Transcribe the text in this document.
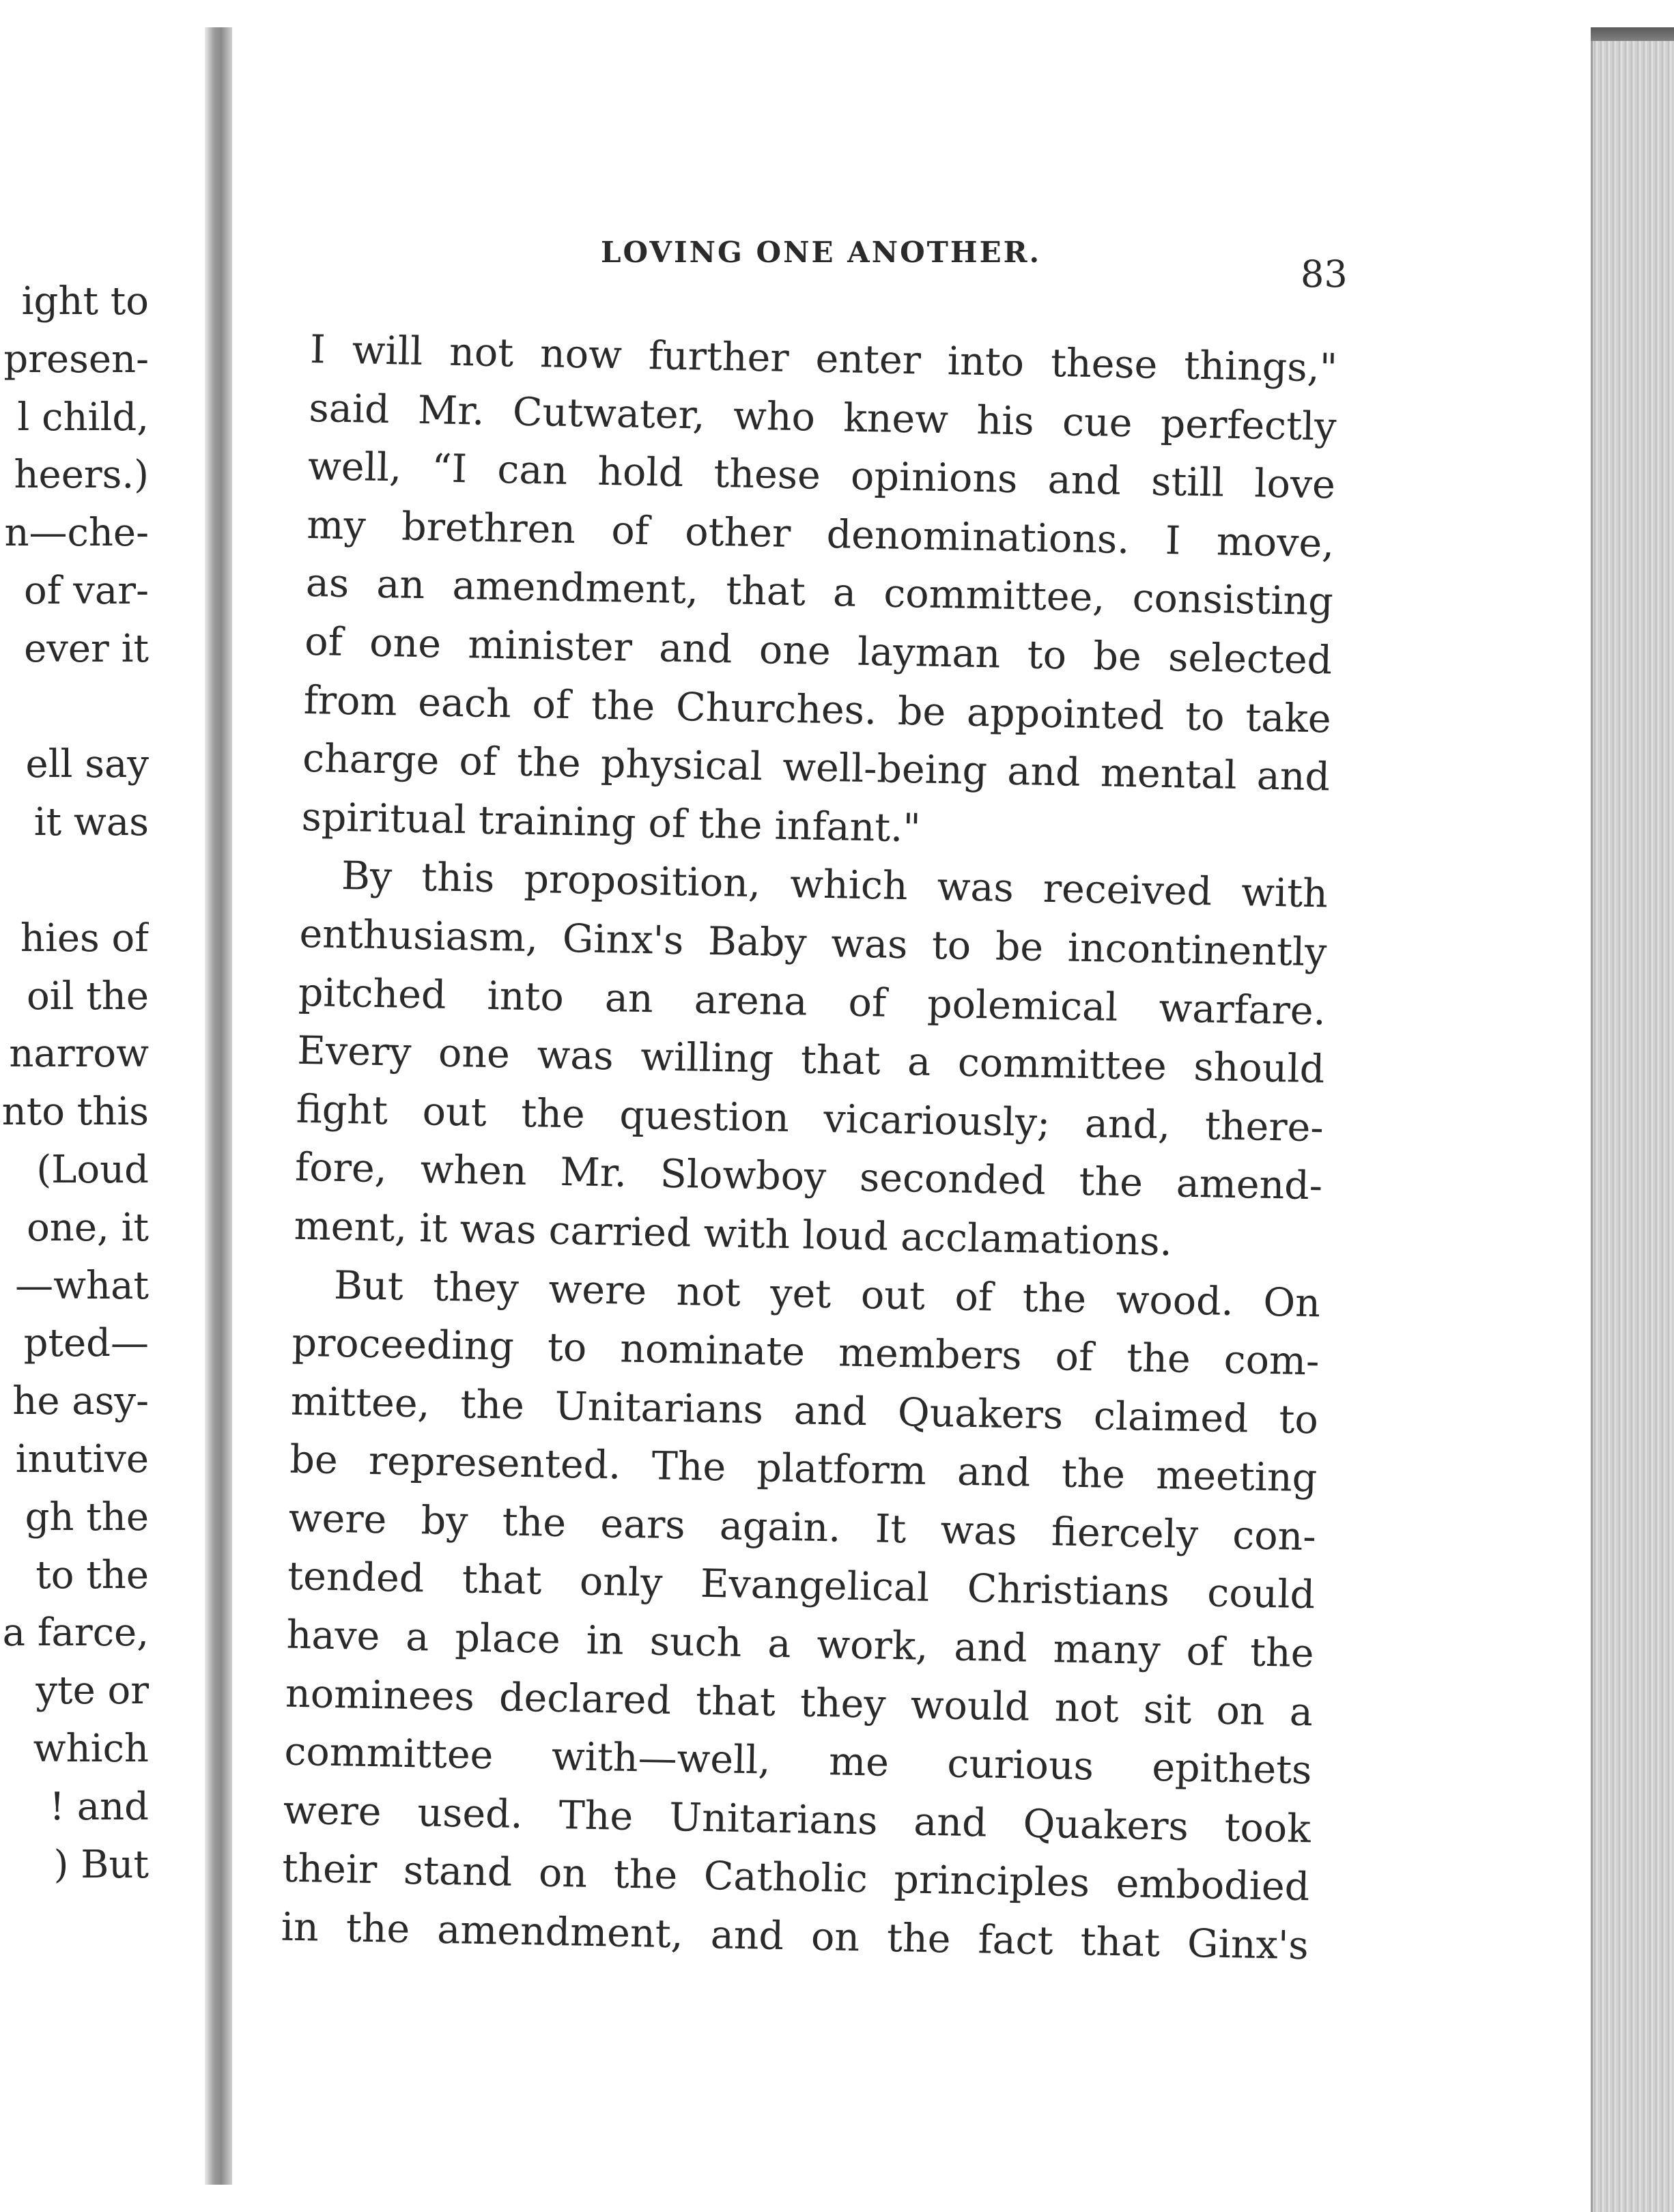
ight to
presen-
l child,
heers.)
n—che-
of var-
ever it
ell say
it was
hies of
oil the
narrow
nto this
(Loud
one, it
—what
pted—
he asy-
inutive
gh the
to the
a farce,
yte or
which
! and
) But
LOVING ONE ANOTHER.
83
I will not now further enter into these things,"
said Mr. Cutwater, who knew his cue perfectly
well, “I can hold these opinions and still love
my brethren of other denominations. I move,
as an amendment, that a committee, consisting
of one minister and one layman to be selected
from each of the Churches. be appointed to take
charge of the physical well-being and mental and
spiritual training of the infant."
By this proposition, which was received with
enthusiasm, Ginx's Baby was to be incontinently
pitched into an arena of polemical warfare.
Every one was willing that a committee should
fight out the question vicariously; and, there-
fore, when Mr. Slowboy seconded the amend-
ment, it was carried with loud acclamations.
But they were not yet out of the wood. On
proceeding to nominate members of the com-
mittee, the Unitarians and Quakers claimed to
be represented. The platform and the meeting
were by the ears again. It was fiercely con-
tended that only Evangelical Christians could
have a place in such a work, and many of the
nominees declared that they would not sit on a
committee with—well, me curious epithets
were used. The Unitarians and Quakers took
their stand on the Catholic principles embodied
in the amendment, and on the fact that Ginx's
